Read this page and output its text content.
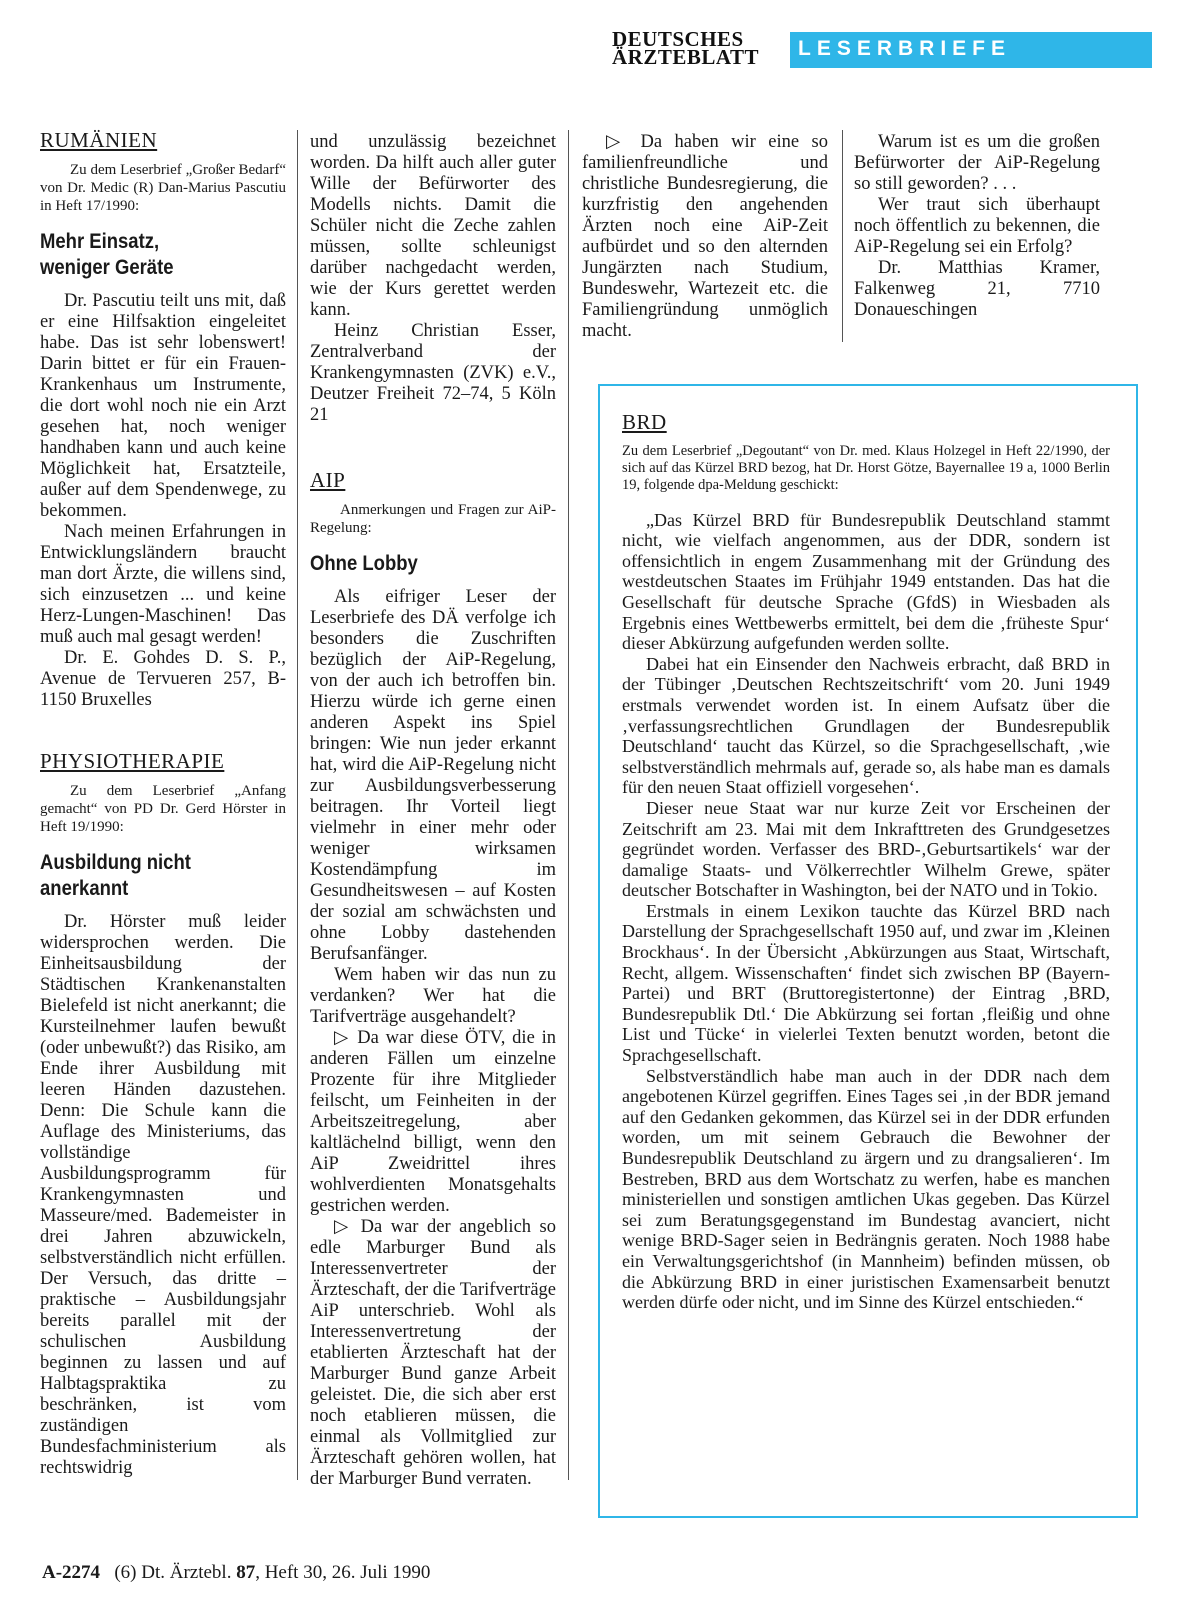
DEUTSCHES
ÄRZTEBLATT	LESERBRIEFE
RUMÄNIEN
Zu dem Leserbrief „Großer Bedarf“ von Dr. Medic (R) Dan-Marius Pascutiu in Heft 17/1990:
Mehr Einsatz,
weniger Geräte

Dr. Pascutiu teilt uns mit, daß er eine Hilfsaktion eingeleitet habe. Das ist sehr lobenswert! Darin bittet er für ein Frauen-Krankenhaus um Instrumente, die dort wohl noch nie ein Arzt gesehen hat, noch weniger handhaben kann und auch keine Möglichkeit hat, Ersatzteile, außer auf dem Spendenwege, zu bekommen.

Nach meinen Erfahrungen in Entwicklungsländern braucht man dort Ärzte, die willens sind, sich einzusetzen ... und keine Herz-Lungen-Maschinen! Das muß auch mal gesagt werden!

Dr. E. Gohdes D. S. P., Avenue de Tervueren 257, B-1150 Bruxelles

PHYSIOTHERAPIE
Zu dem Leserbrief „Anfang gemacht“ von PD Dr. Gerd Hörster in Heft 19/1990:
Ausbildung nicht
anerkannt

Dr. Hörster muß leider widersprochen werden. Die Einheitsausbildung der Städtischen Krankenanstalten Bielefeld ist nicht anerkannt; die Kursteilnehmer laufen bewußt (oder unbewußt?) das Risiko, am Ende ihrer Ausbildung mit leeren Händen dazustehen. Denn: Die Schule kann die Auflage des Ministeriums, das vollständige Ausbildungsprogramm für Krankengymnasten und Masseure/med. Bademeister in drei Jahren abzuwickeln, selbstverständlich nicht erfüllen. Der Versuch, das dritte – praktische – Ausbildungsjahr bereits parallel mit der schulischen Ausbildung beginnen zu lassen und auf Halbtagspraktika zu beschränken, ist vom zuständigen Bundesfachministerium als rechtswidrig

und unzulässig bezeichnet worden. Da hilft auch aller guter Wille der Befürworter des Modells nichts. Damit die Schüler nicht die Zeche zahlen müssen, sollte schleunigst darüber nachgedacht werden, wie der Kurs gerettet werden kann.

Heinz Christian Esser, Zentralverband der Krankengymnasten (ZVK) e.V., Deutzer Freiheit 72–74, 5 Köln 21

AIP
Anmerkungen und Fragen zur AiP-Regelung:
Ohne Lobby

Als eifriger Leser der Leserbriefe des DÄ verfolge ich besonders die Zuschriften bezüglich der AiP-Regelung, von der auch ich betroffen bin. Hierzu würde ich gerne einen anderen Aspekt ins Spiel bringen: Wie nun jeder erkannt hat, wird die AiP-Regelung nicht zur Ausbildungsverbesserung beitragen. Ihr Vorteil liegt vielmehr in einer mehr oder weniger wirksamen Kostendämpfung im Gesundheitswesen – auf Kosten der sozial am schwächsten und ohne Lobby dastehenden Berufsanfänger.

Wem haben wir das nun zu verdanken? Wer hat die Tarifverträge ausgehandelt?

▷ Da war diese ÖTV, die in anderen Fällen um einzelne Prozente für ihre Mitglieder feilscht, um Feinheiten in der Arbeitszeitregelung, aber kaltlächelnd billigt, wenn den AiP Zweidrittel ihres wohlverdienten Monatsgehalts gestrichen werden.

▷ Da war der angeblich so edle Marburger Bund als Interessenvertreter der Ärzteschaft, der die Tarifverträge AiP unterschrieb. Wohl als Interessenvertretung der etablierten Ärzteschaft hat der Marburger Bund ganze Arbeit geleistet. Die, die sich aber erst noch etablieren müssen, die einmal als Vollmitglied zur Ärzteschaft gehören wollen, hat der Marburger Bund verraten.

▷ Da haben wir eine so familienfreundliche und christliche Bundesregierung, die kurzfristig den angehenden Ärzten noch eine AiP-Zeit aufbürdet und so den alternden Jungärzten nach Studium, Bundeswehr, Wartezeit etc. die Familiengründung unmöglich macht.

Warum ist es um die großen Befürworter der AiP-Regelung so still geworden? . . .

Wer traut sich überhaupt noch öffentlich zu bekennen, die AiP-Regelung sei ein Erfolg?

Dr. Matthias Kramer, Falkenweg 21, 7710 Donaueschingen

BRD
Zu dem Leserbrief „Degoutant“ von Dr. med. Klaus Holzegel in Heft 22/1990, der sich auf das Kürzel BRD bezog, hat Dr. Horst Götze, Bayernallee 19 a, 1000 Berlin 19, folgende dpa-Meldung geschickt:

„Das Kürzel BRD für Bundesrepublik Deutschland stammt nicht, wie vielfach angenommen, aus der DDR, sondern ist offensichtlich in engem Zusammenhang mit der Gründung des westdeutschen Staates im Frühjahr 1949 entstanden. Das hat die Gesellschaft für deutsche Sprache (GfdS) in Wiesbaden als Ergebnis eines Wettbewerbs ermittelt, bei dem die ‚früheste Spur‘ dieser Abkürzung aufgefunden werden sollte.

Dabei hat ein Einsender den Nachweis erbracht, daß BRD in der Tübinger ‚Deutschen Rechtszeitschrift‘ vom 20. Juni 1949 erstmals verwendet worden ist. In einem Aufsatz über die ‚verfassungsrechtlichen Grundlagen der Bundesrepublik Deutschland‘ taucht das Kürzel, so die Sprachgesellschaft, ‚wie selbstverständlich mehrmals auf, gerade so, als habe man es damals für den neuen Staat offiziell vorgesehen‘.

Dieser neue Staat war nur kurze Zeit vor Erscheinen der Zeitschrift am 23. Mai mit dem Inkrafttreten des Grundgesetzes gegründet worden. Verfasser des BRD-‚Geburtsartikels‘ war der damalige Staats- und Völkerrechtler Wilhelm Grewe, später deutscher Botschafter in Washington, bei der NATO und in Tokio.

Erstmals in einem Lexikon tauchte das Kürzel BRD nach Darstellung der Sprachgesellschaft 1950 auf, und zwar im ‚Kleinen Brockhaus‘. In der Übersicht ‚Abkürzungen aus Staat, Wirtschaft, Recht, allgem. Wissenschaften‘ findet sich zwischen BP (Bayern-Partei) und BRT (Bruttoregistertonne) der Eintrag ‚BRD, Bundesrepublik Dtl.‘ Die Abkürzung sei fortan ‚fleißig und ohne List und Tücke‘ in vielerlei Texten benutzt worden, betont die Sprachgesellschaft.

Selbstverständlich habe man auch in der DDR nach dem angebotenen Kürzel gegriffen. Eines Tages sei ‚in der BDR jemand auf den Gedanken gekommen, das Kürzel sei in der DDR erfunden worden, um mit seinem Gebrauch die Bewohner der Bundesrepublik Deutschland zu ärgern und zu drangsalieren‘. Im Bestreben, BRD aus dem Wortschatz zu werfen, habe es manchen ministeriellen und sonstigen amtlichen Ukas gegeben. Das Kürzel sei zum Beratungsgegenstand im Bundestag avanciert, nicht wenige BRD-Sager seien in Bedrängnis geraten. Noch 1988 habe ein Verwaltungsgerichtshof (in Mannheim) befinden müssen, ob die Abkürzung BRD in einer juristischen Examensarbeit benutzt werden dürfe oder nicht, und im Sinne des Kürzel entschieden.“

A-2274 (6) Dt. Ärztebl. 87, Heft 30, 26. Juli 1990
